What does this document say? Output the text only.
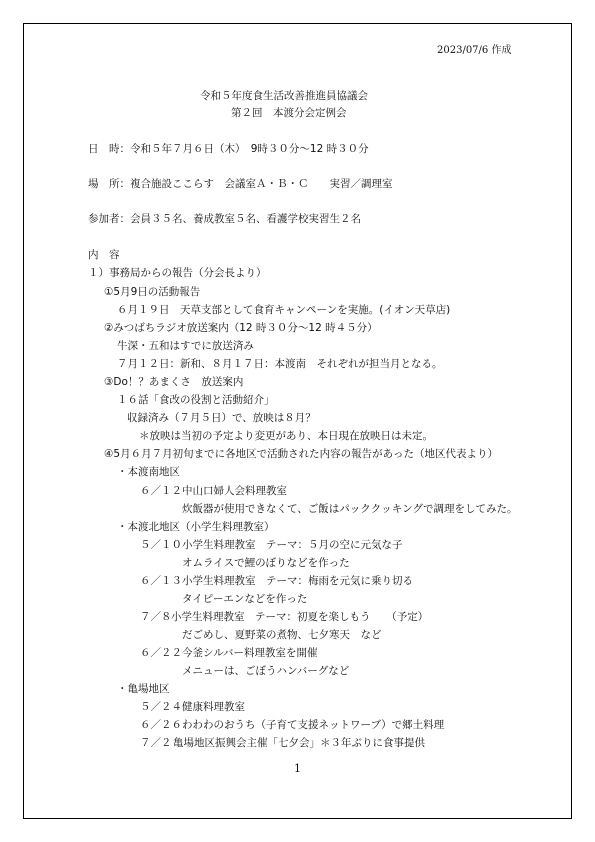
2023/07/6 作成
令和５年度食生活改善推進員協議会
第２回　本渡分会定例会
日　時：令和５年７月６日（木）　9時３０分～12 時３０分
場　所：複合施設ここらす　会議室Ａ・Ｂ・Ｃ　　実習／調理室
参加者：会員３５名、養成教室５名、看護学校実習生２名
内　容
１）事務局からの報告（分会長より）
①5月9日の活動報告
６月１９日　天草支部として食育キャンペーンを実施。(イオン天草店)
②みつばちラジオ放送案内（12 時３０分～12 時４５分）
牛深・五和はすでに放送済み
７月１２日：新和、８月１７日：本渡南　それぞれが担当月となる。
③Do！？あまくさ　放送案内
１６話「食改の役割と活動紹介」
収録済み（７月５日）で、放映は８月？
＊放映は当初の予定より変更があり、本日現在放映日は未定。
④5月６月７月初旬までに各地区で活動された内容の報告があった（地区代表より）
・本渡南地区
６／１２ 中山口婦人会料理教室
炊飯器が使用できなくて、ご飯はパッククッキングで調理をしてみた。
・本渡北地区（小学生料理教室）
５／１０ 小学生料理教室　テーマ：５月の空に元気な子
オムライスで鯉のぼりなどを作った
６／１３ 小学生料理教室　テーマ：梅雨を元気に乗り切る
タイピーエンなどを作った
７／８ 小学生料理教室　テーマ：初夏を楽しもう　　（予定）
だごめし、夏野菜の煮物、七夕寒天　など
６／２２ 今釜シルバー料理教室を開催
メニューは、ごぼうハンバーグなど
・亀場地区
５／２４ 健康料理教室
６／２６ わわわのおうち（子育て支援ネットワーブ）で郷土料理
７／２ 亀場地区振興会主催「七夕会」＊３年ぶりに食事提供
1
